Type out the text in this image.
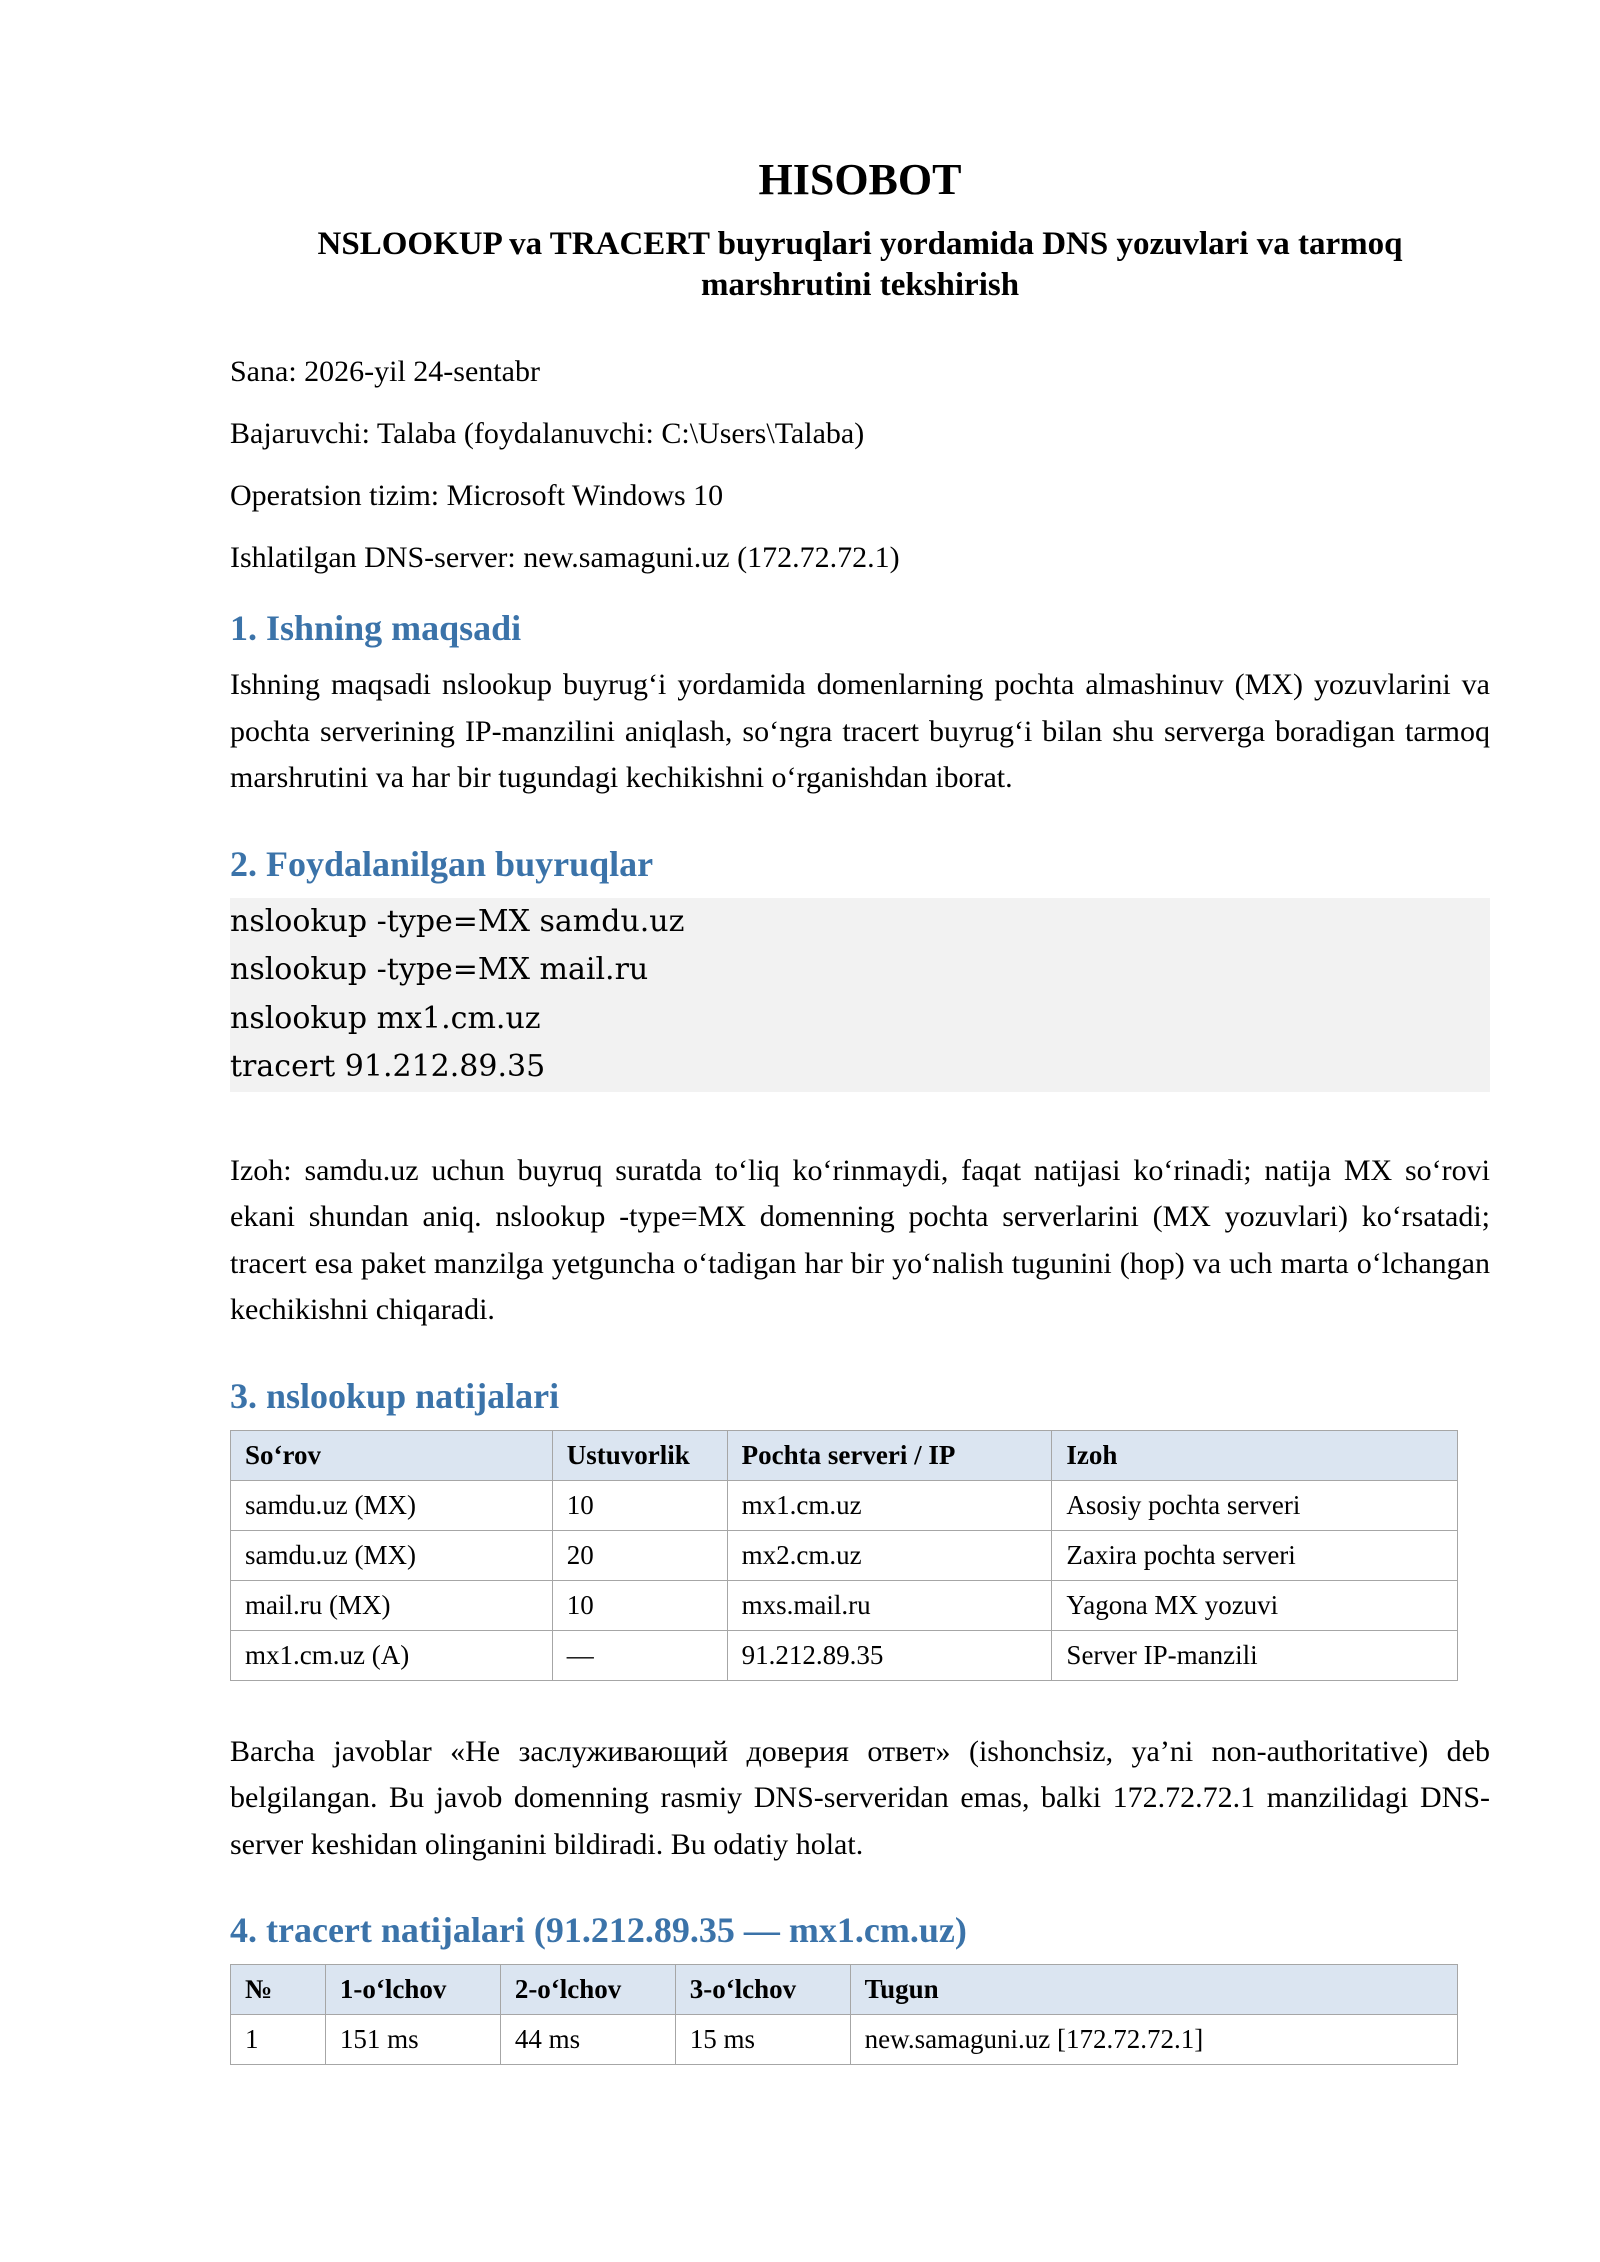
HISOBOT

NSLOOKUP va TRACERT buyruqlari yordamida DNS yozuvlari va tarmoq marshrutini tekshirish

Sana: 2026-yil 24-sentabr

Bajaruvchi: Talaba (foydalanuvchi: C:\Users\Talaba)

Operatsion tizim: Microsoft Windows 10

Ishlatilgan DNS-server: new.samaguni.uz (172.72.72.1)

1. Ishning maqsadi

Ishning maqsadi nslookup buyrug‘i yordamida domenlarning pochta almashinuv (MX) yozuvlarini va pochta serverining IP-manzilini aniqlash, so‘ngra tracert buyrug‘i bilan shu serverga boradigan tarmoq marshrutini va har bir tugundagi kechikishni o‘rganishdan iborat.

2. Foydalanilgan buyruqlar
nslookup -type=MX samdu.uz
nslookup -type=MX mail.ru
nslookup mx1.cm.uz
tracert 91.212.89.35

Izoh: samdu.uz uchun buyruq suratda to‘liq ko‘rinmaydi, faqat natijasi ko‘rinadi; natija MX so‘rovi ekani shundan aniq. nslookup -type=MX domenning pochta serverlarini (MX yozuvlari) ko‘rsatadi; tracert esa paket manzilga yetguncha o‘tadigan har bir yo‘nalish tugunini (hop) va uch marta o‘lchangan kechikishni chiqaradi.

3. nslookup natijalari
So‘rov	Ustuvorlik	Pochta serveri / IP	Izoh
samdu.uz (MX)	10	mx1.cm.uz	Asosiy pochta serveri
samdu.uz (MX)	20	mx2.cm.uz	Zaxira pochta serveri
mail.ru (MX)	10	mxs.mail.ru	Yagona MX yozuvi
mx1.cm.uz (A)	—	91.212.89.35	Server IP-manzili

Barcha javoblar «Не заслуживающий доверия ответ» (ishonchsiz, ya’ni non-authoritative) deb belgilangan. Bu javob domenning rasmiy DNS-serveridan emas, balki 172.72.72.1 manzilidagi DNS-server keshidan olinganini bildiradi. Bu odatiy holat.

4. tracert natijalari (91.212.89.35 — mx1.cm.uz)
№	1-o‘lchov	2-o‘lchov	3-o‘lchov	Tugun
1	151 ms	44 ms	15 ms	new.samaguni.uz [172.72.72.1]
